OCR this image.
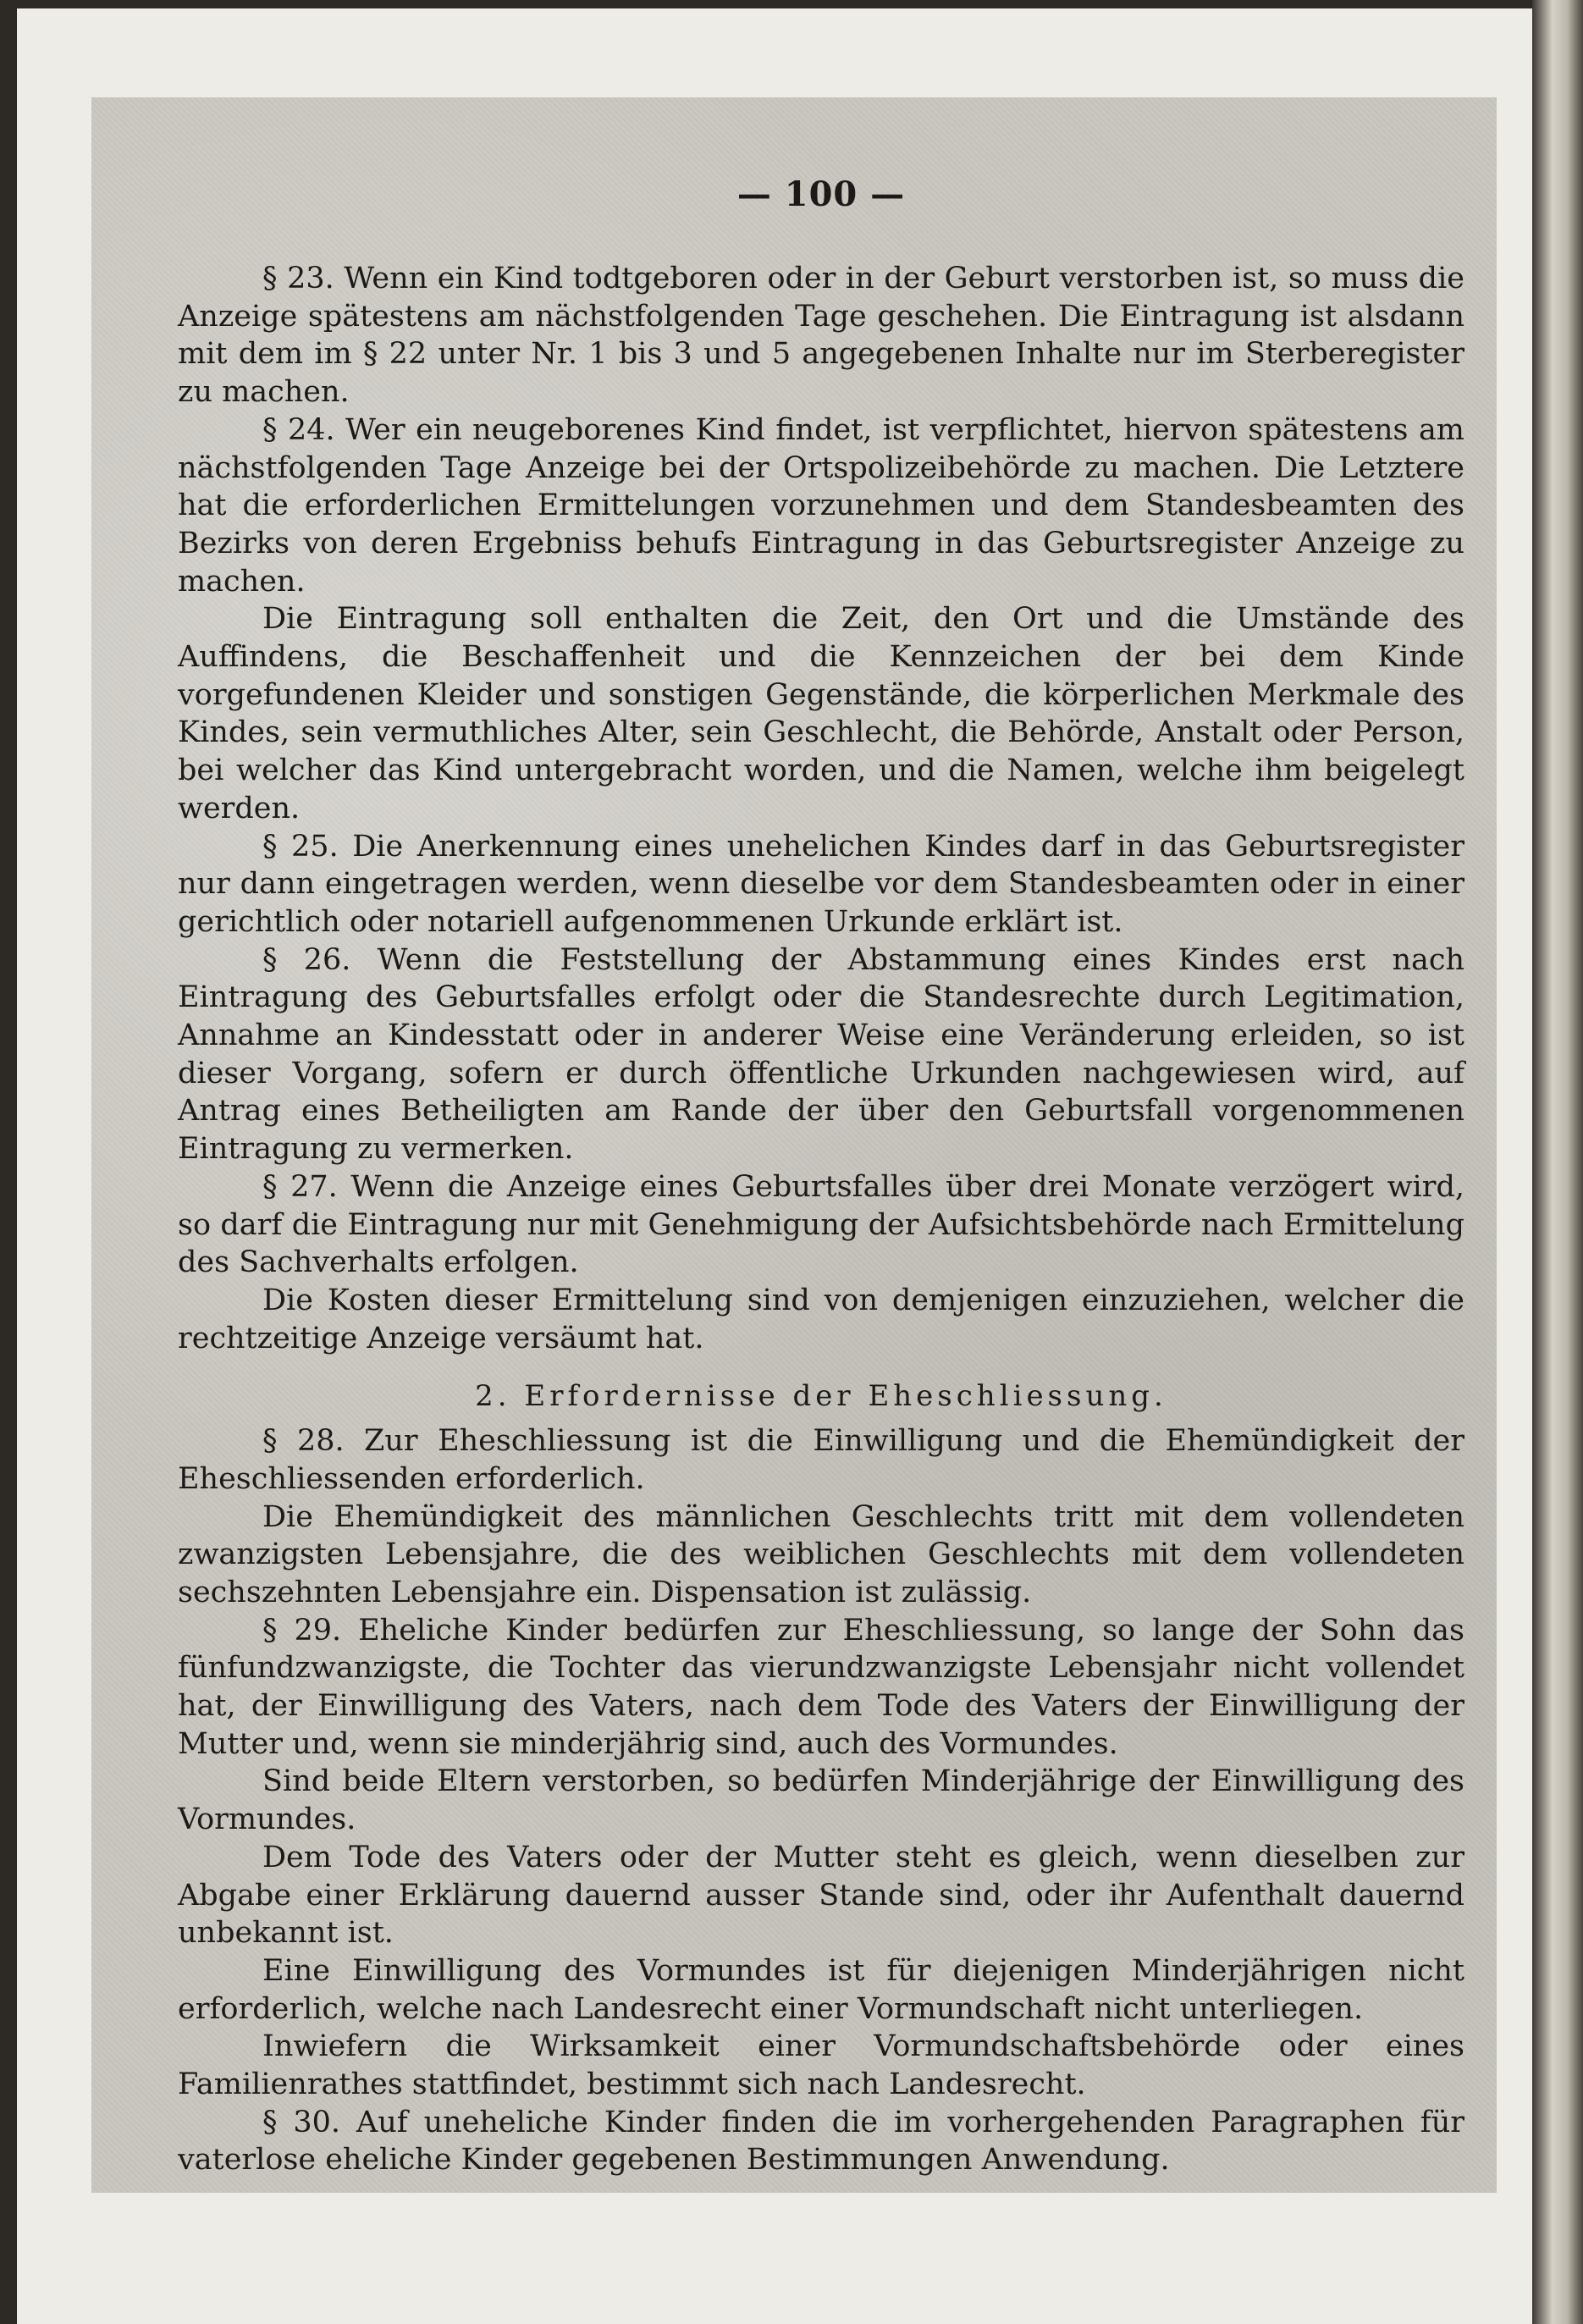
— 100 —

§ 23. Wenn ein Kind todtgeboren oder in der Geburt verstorben ist, so muss die Anzeige spätestens am nächstfolgenden Tage geschehen. Die Eintragung ist alsdann mit dem im § 22 unter Nr. 1 bis 3 und 5 angegebenen Inhalte nur im Sterberegister zu machen.

§ 24. Wer ein neugeborenes Kind findet, ist verpflichtet, hiervon spätestens am nächstfolgenden Tage Anzeige bei der Ortspolizeibehörde zu machen. Die Letztere hat die erforderlichen Ermittelungen vorzunehmen und dem Standesbeamten des Bezirks von deren Ergebniss behufs Eintragung in das Geburtsregister Anzeige zu machen.

Die Eintragung soll enthalten die Zeit, den Ort und die Umstände des Auffindens, die Beschaffenheit und die Kennzeichen der bei dem Kinde vorgefundenen Kleider und sonstigen Gegenstände, die körperlichen Merkmale des Kindes, sein vermuthliches Alter, sein Geschlecht, die Behörde, Anstalt oder Person, bei welcher das Kind untergebracht worden, und die Namen, welche ihm beigelegt werden.

§ 25. Die Anerkennung eines unehelichen Kindes darf in das Geburtsregister nur dann eingetragen werden, wenn dieselbe vor dem Standesbeamten oder in einer gerichtlich oder notariell aufgenommenen Urkunde erklärt ist.

§ 26. Wenn die Feststellung der Abstammung eines Kindes erst nach Eintragung des Geburtsfalles erfolgt oder die Standesrechte durch Legitimation, Annahme an Kindesstatt oder in anderer Weise eine Veränderung erleiden, so ist dieser Vorgang, sofern er durch öffentliche Urkunden nachgewiesen wird, auf Antrag eines Betheiligten am Rande der über den Geburtsfall vorgenommenen Eintragung zu vermerken.

§ 27. Wenn die Anzeige eines Geburtsfalles über drei Monate verzögert wird, so darf die Eintragung nur mit Genehmigung der Aufsichtsbehörde nach Ermittelung des Sachverhalts erfolgen.

Die Kosten dieser Ermittelung sind von demjenigen einzuziehen, welcher die rechtzeitige Anzeige versäumt hat.

2. Erfordernisse der Eheschliessung.

§ 28. Zur Eheschliessung ist die Einwilligung und die Ehemündigkeit der Eheschliessenden erforderlich.

Die Ehemündigkeit des männlichen Geschlechts tritt mit dem vollendeten zwanzigsten Lebensjahre, die des weiblichen Geschlechts mit dem vollendeten sechszehnten Lebensjahre ein. Dispensation ist zulässig.

§ 29. Eheliche Kinder bedürfen zur Eheschliessung, so lange der Sohn das fünfundzwanzigste, die Tochter das vierundzwanzigste Lebensjahr nicht vollendet hat, der Einwilligung des Vaters, nach dem Tode des Vaters der Einwilligung der Mutter und, wenn sie minderjährig sind, auch des Vormundes.

Sind beide Eltern verstorben, so bedürfen Minderjährige der Einwilligung des Vormundes.

Dem Tode des Vaters oder der Mutter steht es gleich, wenn dieselben zur Abgabe einer Erklärung dauernd ausser Stande sind, oder ihr Aufenthalt dauernd unbekannt ist.

Eine Einwilligung des Vormundes ist für diejenigen Minderjährigen nicht erforderlich, welche nach Landesrecht einer Vormundschaft nicht unterliegen.

Inwiefern die Wirksamkeit einer Vormundschaftsbehörde oder eines Familienrathes stattfindet, bestimmt sich nach Landesrecht.

§ 30. Auf uneheliche Kinder finden die im vorhergehenden Paragraphen für vaterlose eheliche Kinder gegebenen Bestimmungen Anwendung.
